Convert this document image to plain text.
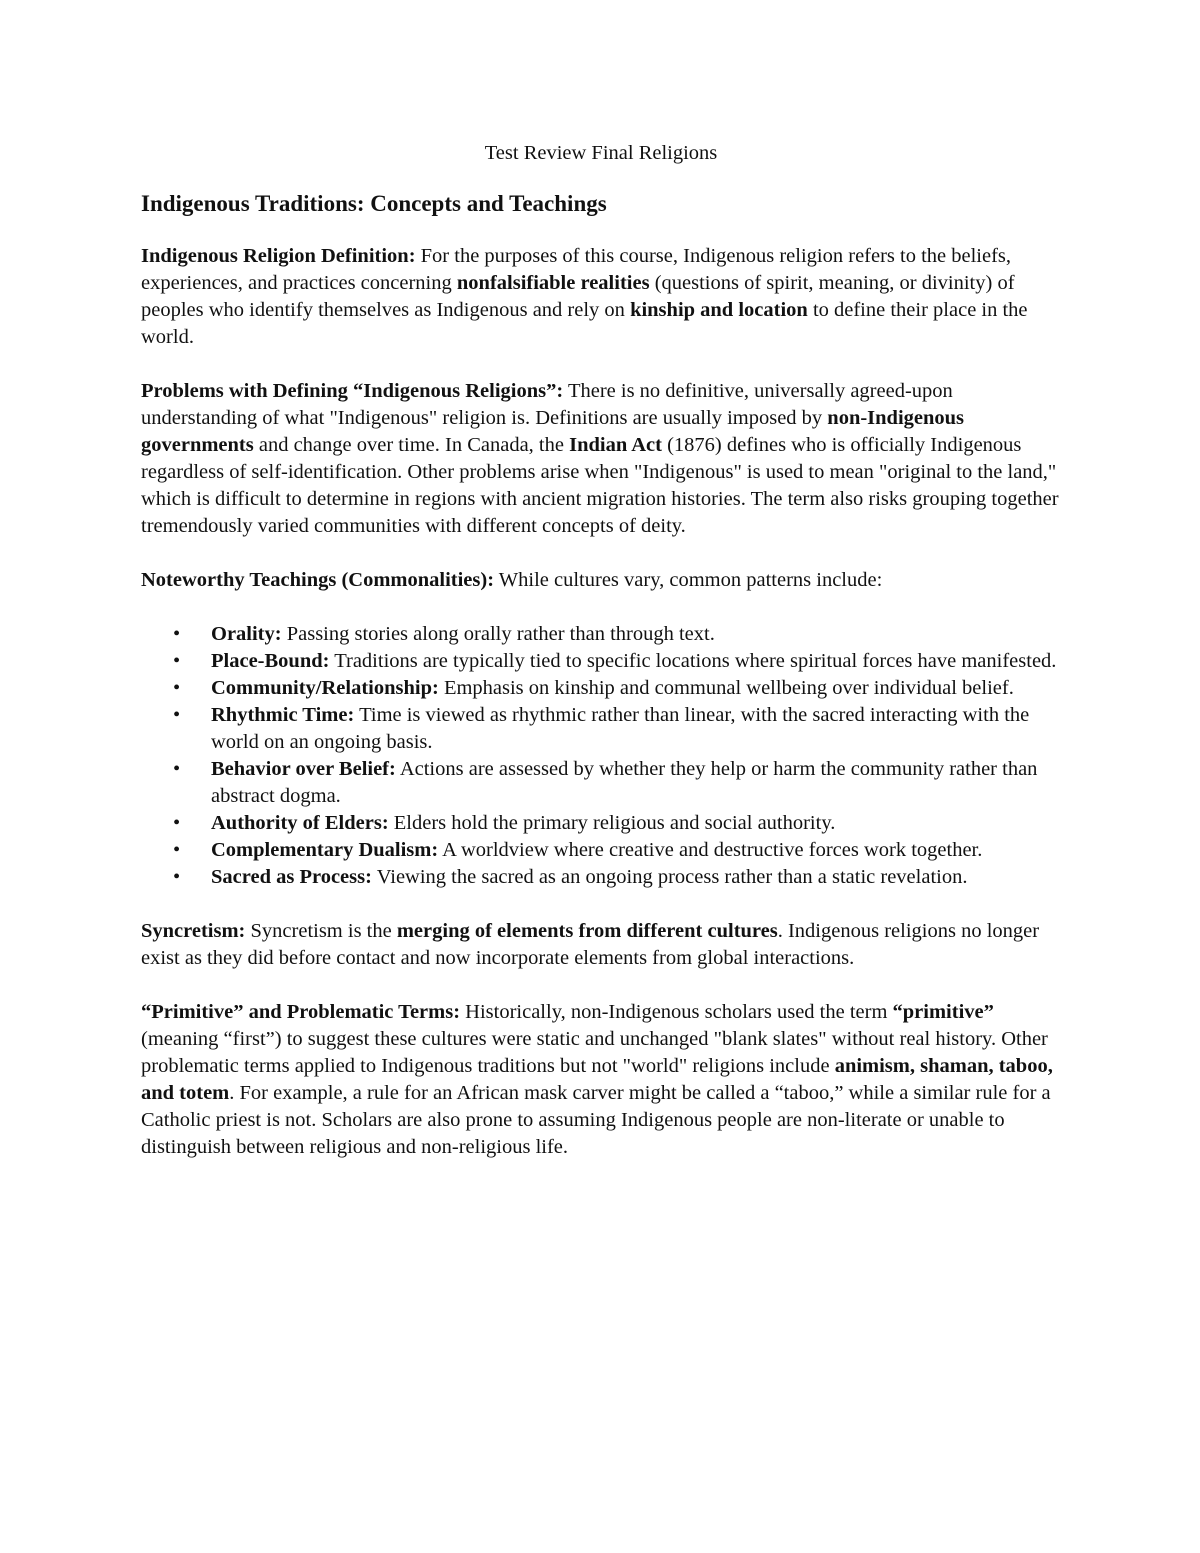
Test Review Final Religions
Indigenous Traditions: Concepts and Teachings

Indigenous Religion Definition: For the purposes of this course, Indigenous religion refers to the beliefs, experiences, and practices concerning nonfalsifiable realities (questions of spirit, meaning, or divinity) of peoples who identify themselves as Indigenous and rely on kinship and location to define their place in the world.

Problems with Defining “Indigenous Religions”: There is no definitive, universally agreed-upon understanding of what "Indigenous" religion is. Definitions are usually imposed by non-Indigenous governments and change over time. In Canada, the Indian Act (1876) defines who is officially Indigenous regardless of self-identification. Other problems arise when "Indigenous" is used to mean "original to the land," which is difficult to determine in regions with ancient migration histories. The term also risks grouping together tremendously varied communities with different concepts of deity.

Noteworthy Teachings (Commonalities): While cultures vary, common patterns include:

• Orality: Passing stories along orally rather than through text.
• Place-Bound: Traditions are typically tied to specific locations where spiritual forces have manifested.
• Community/Relationship: Emphasis on kinship and communal wellbeing over individual belief.
• Rhythmic Time: Time is viewed as rhythmic rather than linear, with the sacred interacting with the world on an ongoing basis.
• Behavior over Belief: Actions are assessed by whether they help or harm the community rather than abstract dogma.
• Authority of Elders: Elders hold the primary religious and social authority.
• Complementary Dualism: A worldview where creative and destructive forces work together.
• Sacred as Process: Viewing the sacred as an ongoing process rather than a static revelation.

Syncretism: Syncretism is the merging of elements from different cultures. Indigenous religions no longer exist as they did before contact and now incorporate elements from global interactions.

“Primitive” and Problematic Terms: Historically, non-Indigenous scholars used the term “primitive” (meaning “first”) to suggest these cultures were static and unchanged "blank slates" without real history. Other problematic terms applied to Indigenous traditions but not "world" religions include animism, shaman, taboo, and totem. For example, a rule for an African mask carver might be called a “taboo,” while a similar rule for a Catholic priest is not. Scholars are also prone to assuming Indigenous people are non-literate or unable to distinguish between religious and non-religious life.
